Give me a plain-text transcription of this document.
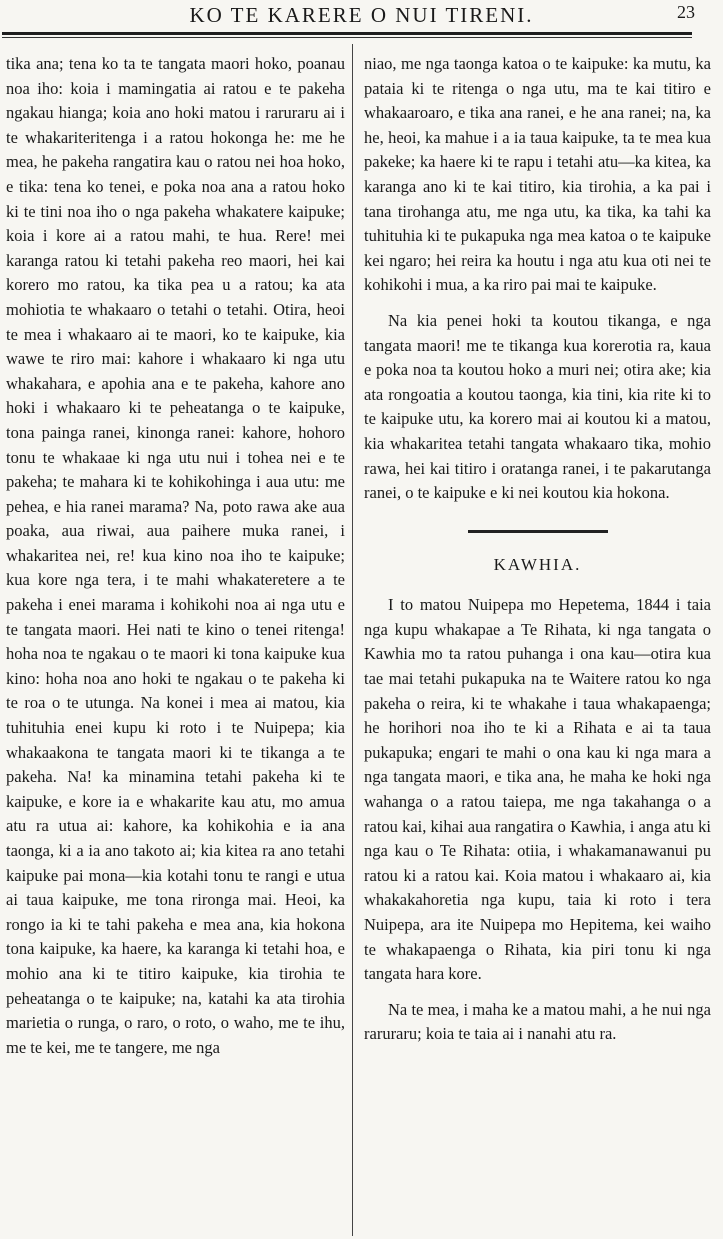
KO TE KARERE O NUI TIRENI.	23

tika ana; tena ko ta te tangata maori hoko, poanau noa iho: koia i mamingatia ai ratou e te pakeha ngakau hianga; koia ano hoki matou i raruraru ai i te whakariteritenga i a ratou hokonga he: me he mea, he pakeha rangatira kau o ratou nei hoa hoko, e tika: tena ko tenei, e poka noa ana a ratou hoko ki te tini noa iho o nga pakeha whakatere kaipuke; koia i kore ai a ratou mahi, te hua. Rere! mei karanga ratou ki tetahi pakeha reo maori, hei kai korero mo ratou, ka tika pea u a ratou; ka ata mohiotia te whakaaro o tetahi o tetahi. Otira, heoi te mea i whakaaro ai te maori, ko te kaipuke, kia wawe te riro mai: kahore i whakaaro ki nga utu whakahara, e apohia ana e te pakeha, kahore ano hoki i whakaaro ki te peheatanga o te kaipuke, tona painga ranei, kinonga ranei: kahore, hohoro tonu te whakaae ki nga utu nui i tohea nei e te pakeha; te mahara ki te kohikohinga i aua utu: me pehea, e hia ranei marama? Na, poto rawa ake aua poaka, aua riwai, aua paihere muka ranei, i whakaritea nei, re! kua kino noa iho te kaipuke; kua kore nga tera, i te mahi whakateretere a te pakeha i enei marama i kohikohi noa ai nga utu e te tangata maori. Hei nati te kino o tenei ritenga! hoha noa te ngakau o te maori ki tona kaipuke kua kino: hoha noa ano hoki te ngakau o te pakeha ki te roa o te utunga. Na konei i mea ai matou, kia tuhituhia enei kupu ki roto i te Nuipepa; kia whakaakona te tangata maori ki te tikanga a te pakeha. Na! ka minamina tetahi pakeha ki te kaipuke, e kore ia e whakarite kau atu, mo amua atu ra utua ai: kahore, ka kohikohia e ia ana taonga, ki a ia ano takoto ai; kia kitea ra ano tetahi kaipuke pai mona—kia kotahi tonu te rangi e utua ai taua kaipuke, me tona rironga mai. Heoi, ka rongo ia ki te tahi pakeha e mea ana, kia hokona tona kaipuke, ka haere, ka karanga ki tetahi hoa, e mohio ana ki te titiro kaipuke, kia tirohia te peheatanga o te kaipuke; na, katahi ka ata tirohia marietia o runga, o raro, o roto, o waho, me te ihu, me te kei, me te tangere, me nga

niao, me nga taonga katoa o te kaipuke: ka mutu, ka pataia ki te ritenga o nga utu, ma te kai titiro e whakaaroaro, e tika ana ranei, e he ana ranei; na, ka he, heoi, ka mahue i a ia taua kaipuke, ta te mea kua pakeke; ka haere ki te rapu i tetahi atu—ka kitea, ka karanga ano ki te kai titiro, kia tirohia, a ka pai i tana tirohanga atu, me nga utu, ka tika, ka tahi ka tuhituhia ki te pukapuka nga mea katoa o te kaipuke kei ngaro; hei reira ka houtu i nga atu kua oti nei te kohikohi i mua, a ka riro pai mai te kaipuke.

Na kia penei hoki ta koutou tikanga, e nga tangata maori! me te tikanga kua korerotia ra, kaua e poka noa ta koutou hoko a muri nei; otira ake; kia ata rongoatia a koutou taonga, kia tini, kia rite ki to te kaipuke utu, ka korero mai ai koutou ki a matou, kia whakaritea tetahi tangata whakaaro tika, mohio rawa, hei kai titiro i oratanga ranei, i te pakarutanga ranei, o te kaipuke e ki nei koutou kia hokona.

KAWHIA.

I to matou Nuipepa mo Hepetema, 1844 i taia nga kupu whakapae a Te Rihata, ki nga tangata o Kawhia mo ta ratou puhanga i ona kau—otira kua tae mai tetahi pukapuka na te Waitere ratou ko nga pakeha o reira, ki te whakahe i taua whakapaenga; he horihori noa iho te ki a Rihata e ai ta taua pukapuka; engari te mahi o ona kau ki nga mara a nga tangata maori, e tika ana, he maha ke hoki nga wahanga o a ratou taiepa, me nga takahanga o a ratou kai, kihai aua rangatira o Kawhia, i anga atu ki nga kau o Te Rihata: otiia, i whakamanawanui pu ratou ki a ratou kai. Koia matou i whakaaro ai, kia whakakahoretia nga kupu, taia ki roto i tera Nuipepa, ara ite Nuipepa mo Hepitema, kei waiho te whakapaenga o Rihata, kia piri tonu ki nga tangata hara kore.

Na te mea, i maha ke a matou mahi, a he nui nga raruraru; koia te taia ai i nanahi atu ra.
